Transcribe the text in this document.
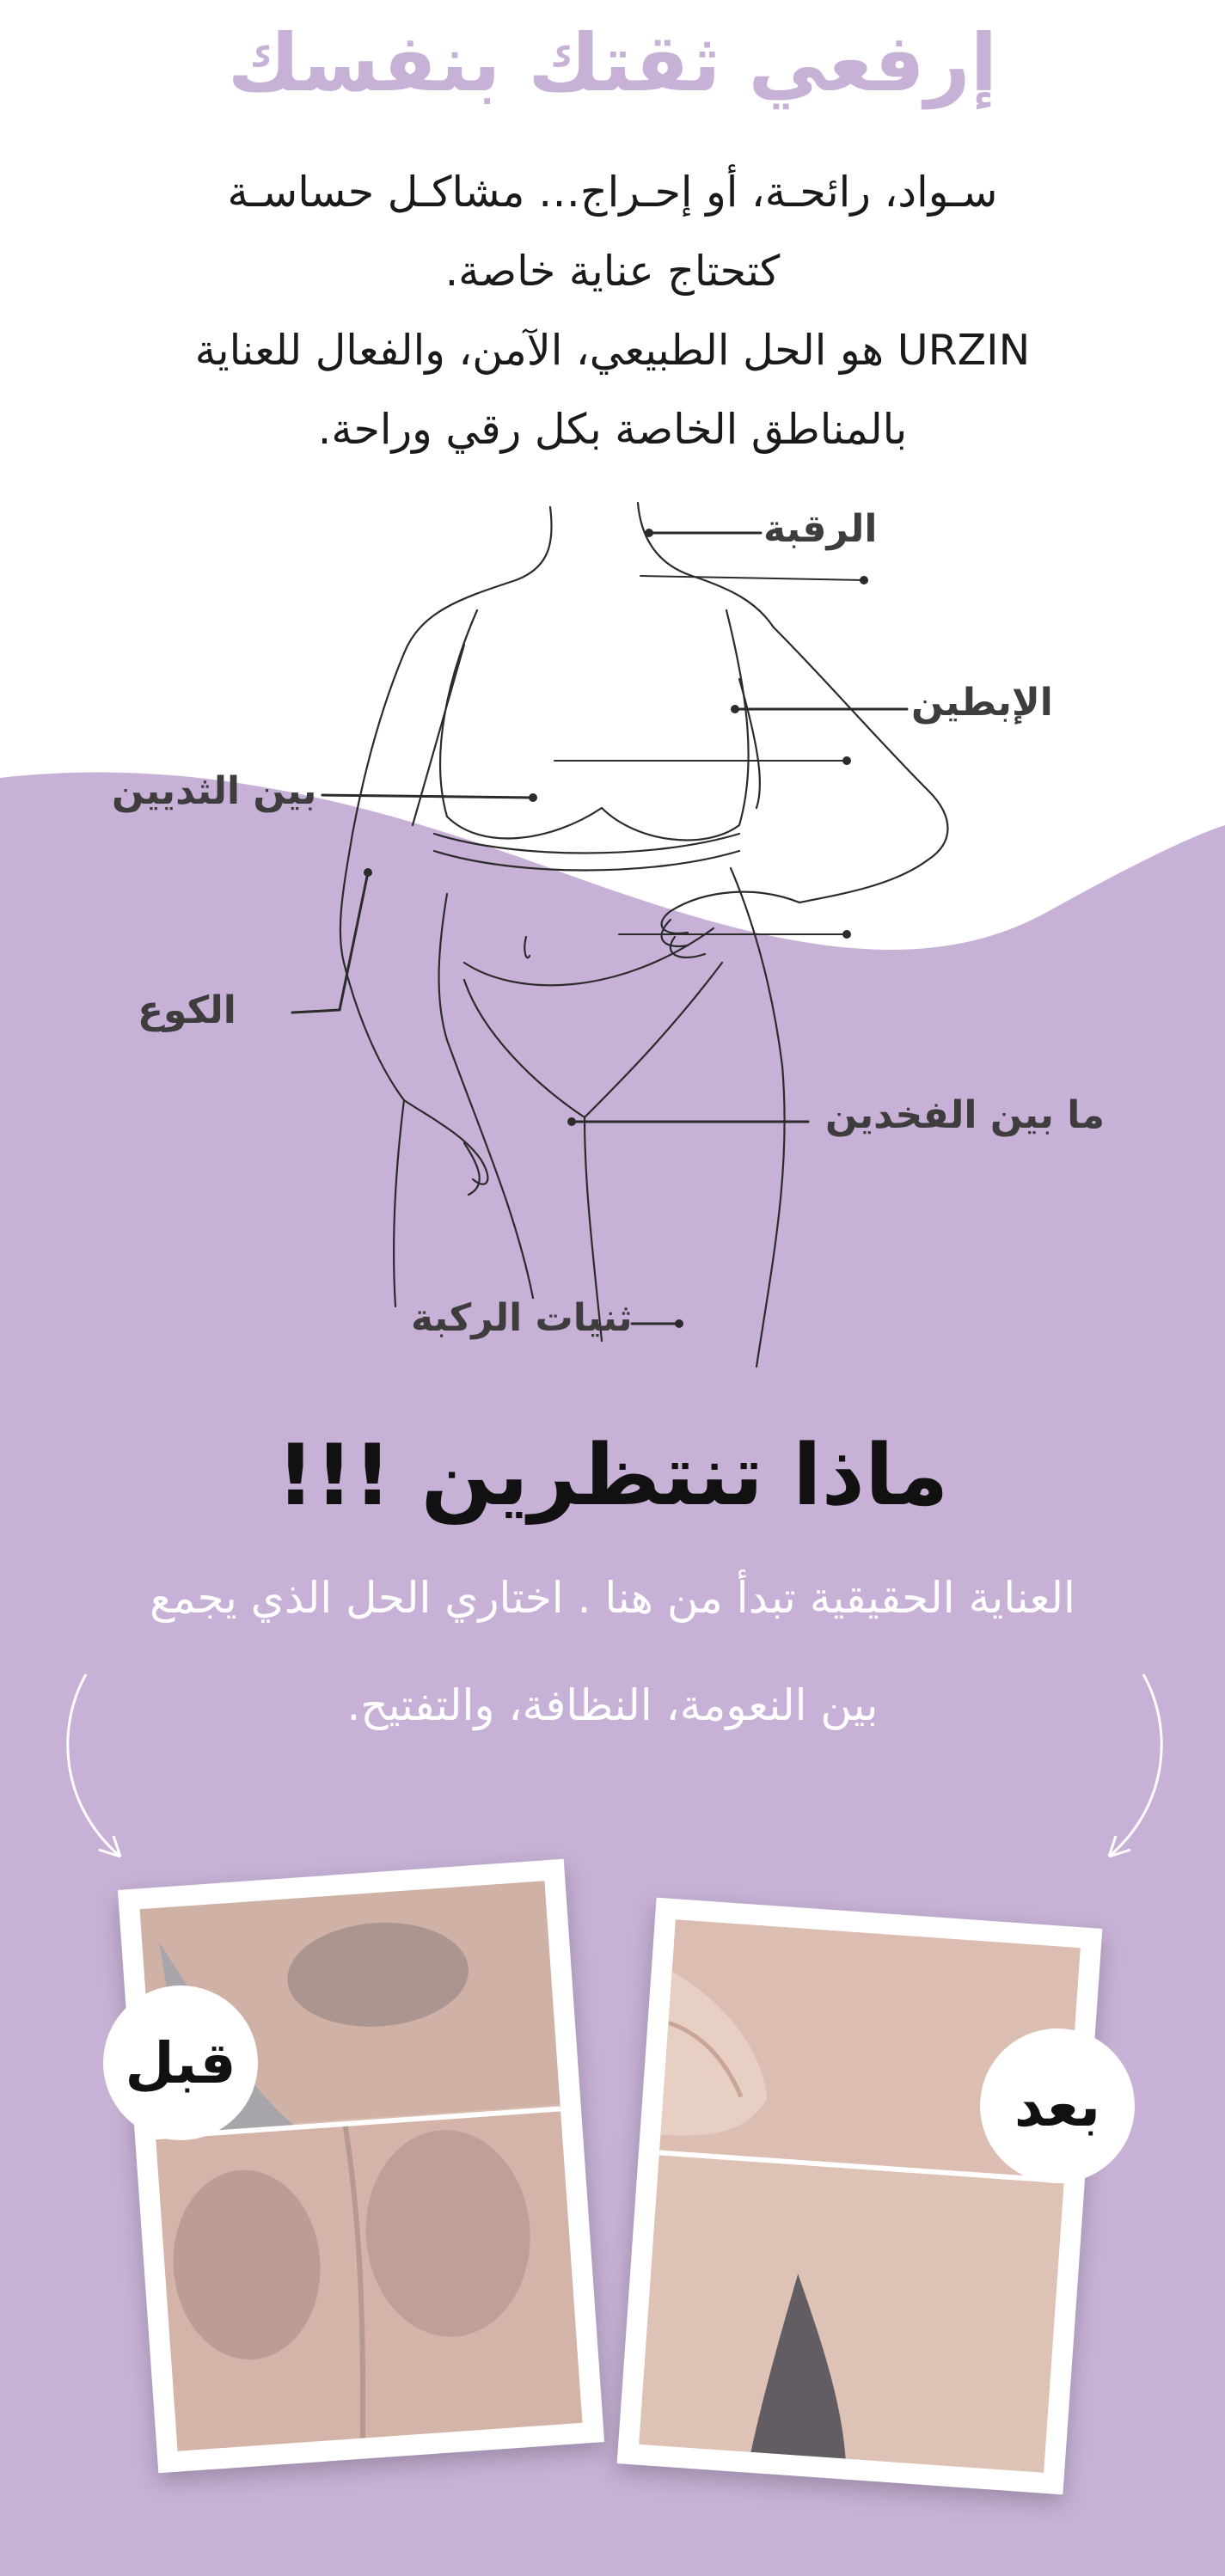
إرفعي ثقتك بنفسك

سـواد، رائحـة، أو إحـراج… مشاكـل حساسـة

كتحتاج عناية خاصة.

URZIN هو الحل الطبيعي، الآمن، والفعال للعناية

بالمناطق الخاصة بكل رقي وراحة.

الرقبة
الإبطين
بين الثديين
الكوع
ما بين الفخدين
ثنيات الركبة
ماذا تنتظرين !!!
العناية الحقيقية تبدأ من هنا . اختاري الحل الذي يجمع
بين النعومة، النظافة، والتفتيح.
قبل
بعد
